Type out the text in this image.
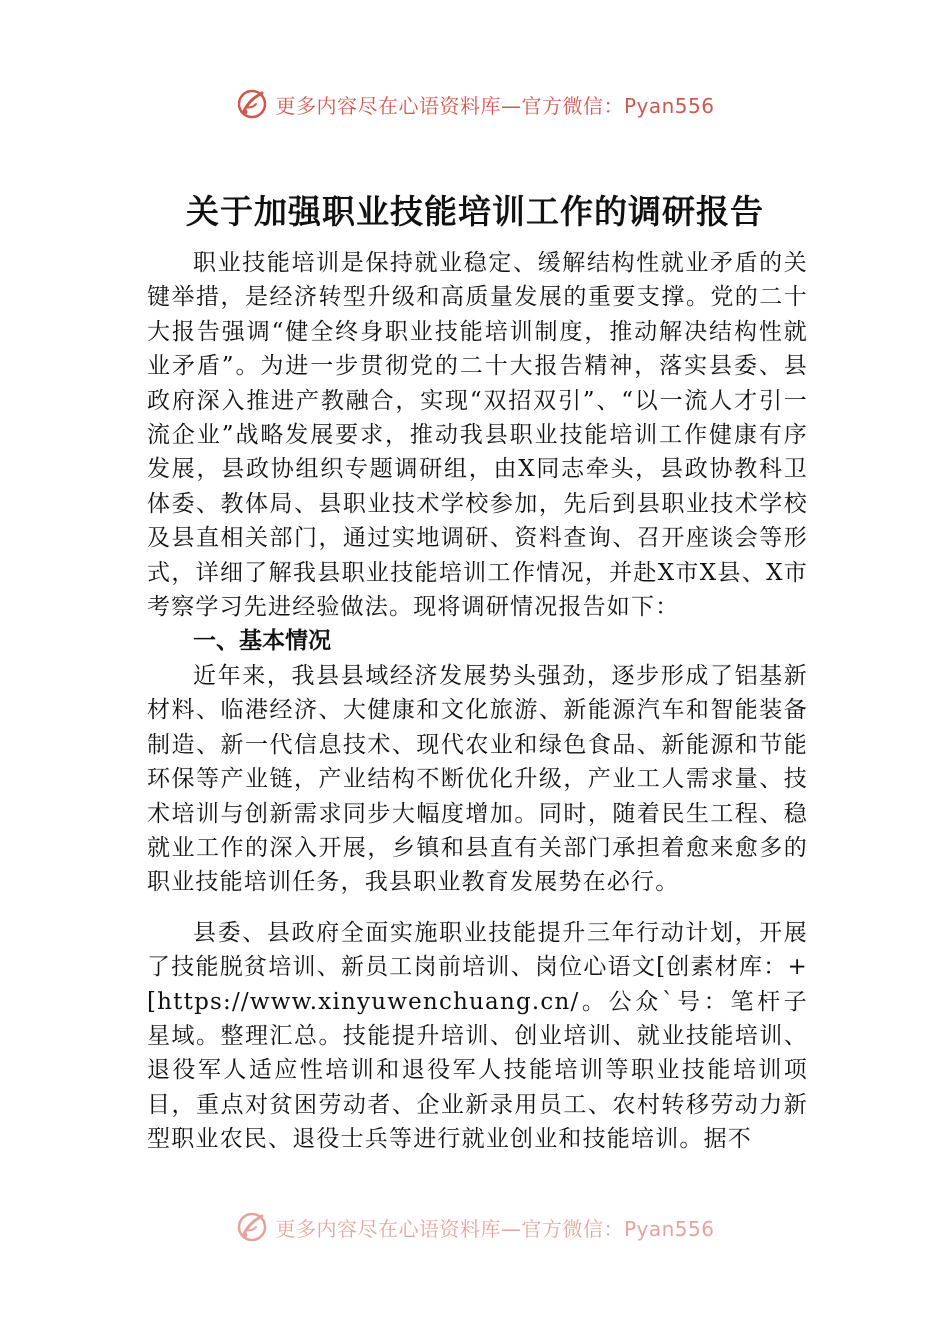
更多内容尽在心语资料库—官方微信：Pyan556
关于加强职业技能培训工作的调研报告

职业技能培训是保持就业稳定、缓解结构性就业矛盾的关键举措，是经济转型升级和高质量发展的重要支撑。党的二十大报告强调“健全终身职业技能培训制度，推动解决结构性就业矛盾”。为进一步贯彻党的二十大报告精神，落实县委、县政府深入推进产教融合，实现“双招双引”、“以一流人才引一流企业”战略发展要求，推动我县职业技能培训工作健康有序发展，县政协组织专题调研组，由X同志牵头，县政协教科卫体委、教体局、县职业技术学校参加，先后到县职业技术学校及县直相关部门，通过实地调研、资料查询、召开座谈会等形式，详细了解我县职业技能培训工作情况，并赴X市X县、X市考察学习先进经验做法。现将调研情况报告如下：

一、基本情况

近年来，我县县域经济发展势头强劲，逐步形成了铝基新材料、临港经济、大健康和文化旅游、新能源汽车和智能装备制造、新一代信息技术、现代农业和绿色食品、新能源和节能环保等产业链，产业结构不断优化升级，产业工人需求量、技术培训与创新需求同步大幅度增加。同时，随着民生工程、稳就业工作的深入开展，乡镇和县直有关部门承担着愈来愈多的职业技能培训任务，我县职业教育发展势在必行。

县委、县政府全面实施职业技能提升三年行动计划，开展了技能脱贫培训、新员工岗前培训、岗位心语文[创素材库：+[https://www.xinyuwenchuang.cn/。公众`号：笔杆子星域。整理汇总。技能提升培训、创业培训、就业技能培训、退役军人适应性培训和退役军人技能培训等职业技能培训项目，重点对贫困劳动者、企业新录用员工、农村转移劳动力新型职业农民、退役士兵等进行就业创业和技能培训。据不

更多内容尽在心语资料库—官方微信：Pyan556
